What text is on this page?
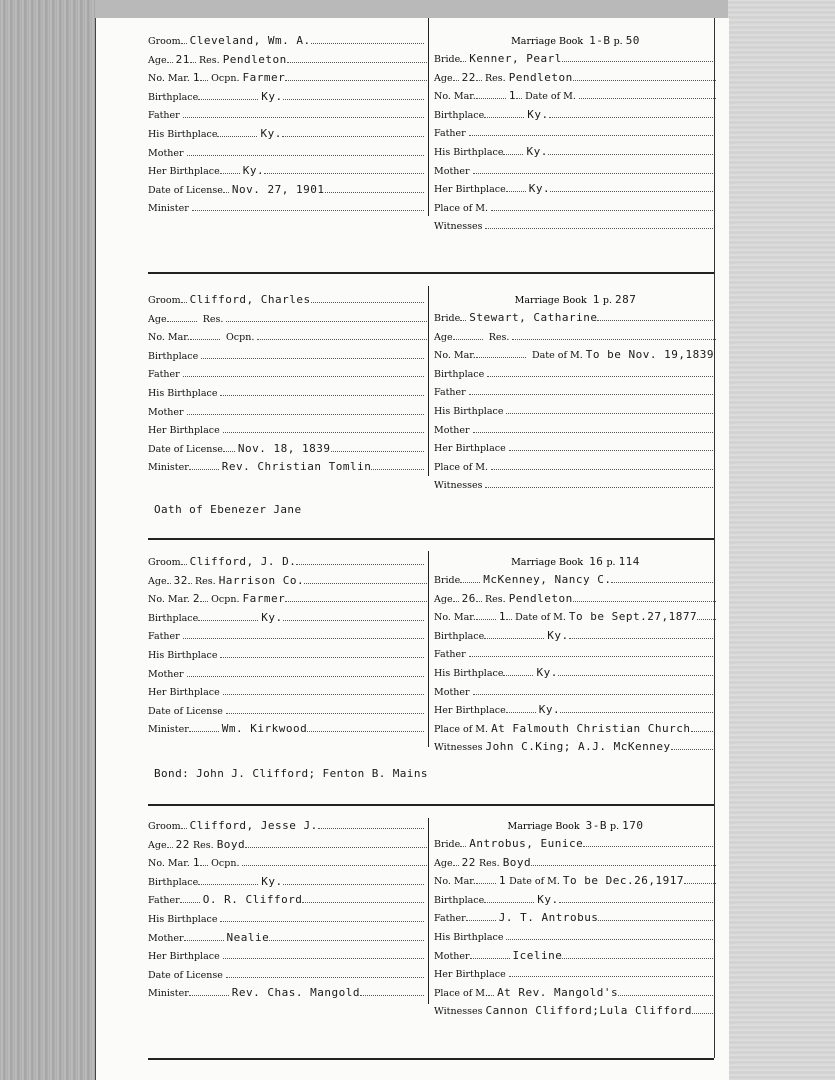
Groom Cleveland, Wm. A.
Age 21 Res. Pendleton
No. Mar. 1 Ocpn. Farmer
Birthplace	Ky.
Father
His Birthplace	Ky.
Mother
Her Birthplace Ky.
Date of License Nov. 27, 1901
Minister
Marriage Book 1-B p. 50
Bride Kenner, Pearl
Age 22 Res. Pendleton
No. Mar.	1 Date of M.
Birthplace	Ky.
Father
His Birthplace Ky.
Mother
Her Birthplace Ky.
Place of M.
Witnesses
Groom Clifford, Charles
Age	Res.
No. Mar.	Ocpn.
Birthplace
Father
His Birthplace
Mother
Her Birthplace
Date of License Nov. 18, 1839
Minister	Rev. Christian Tomlin
Marriage Book 1 p. 287
Bride Stewart, Catharine
Age	Res.
No. Mar.	Date of M. To be Nov. 19,1839
Birthplace
Father
His Birthplace
Mother
Her Birthplace
Place of M.
Witnesses
Oath of Ebenezer Jane
Groom Clifford, J. D.
Age 32 Res. Harrison Co.
No. Mar. 2 Ocpn. Farmer
Birthplace	Ky.
Father
His Birthplace
Mother
Her Birthplace
Date of License
Minister	Wm. Kirkwood
Marriage Book 16 p. 114
Bride McKenney, Nancy C.
Age 26 Res. Pendleton
No. Mar. 1 Date of M. To be Sept.27,1877
Birthplace	Ky.
Father
His Birthplace	Ky.
Mother
Her Birthplace	Ky.
Place of M. At Falmouth Christian Church
Witnesses John C.King; A.J. McKenney
Bond: John J. Clifford; Fenton B. Mains
Groom Clifford, Jesse J.
Age 22 Res. Boyd
No. Mar. 1 Ocpn.
Birthplace	Ky.
Father O. R. Clifford
His Birthplace
Mother	Nealie
Her Birthplace
Date of License
Minister	Rev. Chas. Mangold
Marriage Book 3-B p. 170
Bride Antrobus, Eunice
Age 22 Res. Boyd
No. Mar. 1 Date of M. To be Dec.26,1917
Birthplace	Ky.
Father	J. T. Antrobus
His Birthplace
Mother	Iceline
Her Birthplace
Place of M. At Rev. Mangold's
Witnesses Cannon Clifford;Lula Clifford
